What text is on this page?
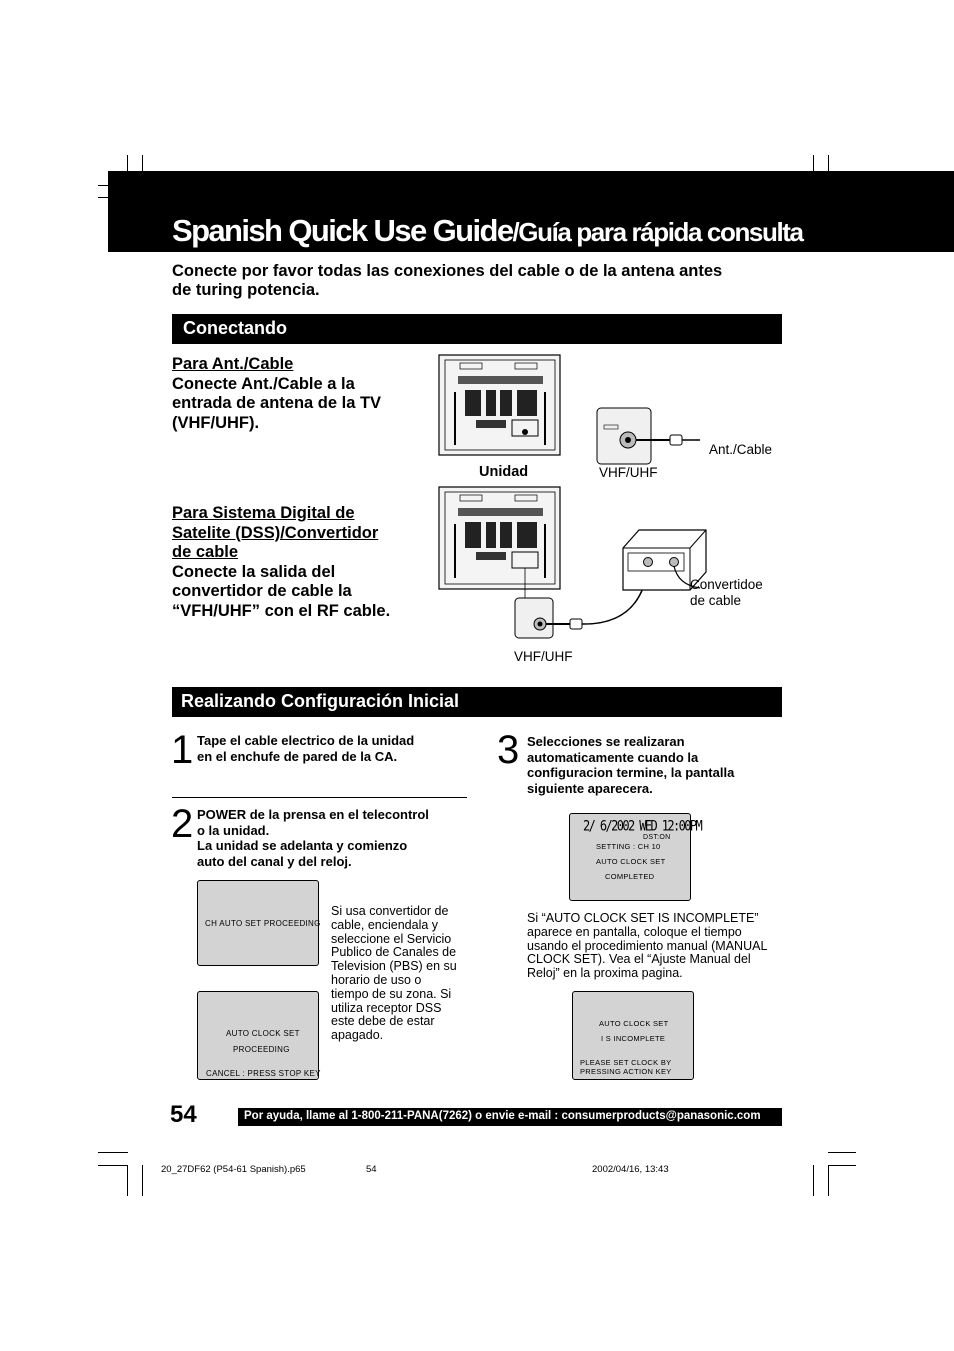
Spanish Quick Use Guide/Guía para rápida consulta
Conecte por favor todas las conexiones del cable o de la antena antes
de turing potencia.
Conectando
Para Ant./Cable
Conecte Ant./Cable a la
entrada de antena de la TV
(VHF/UHF).
Para Sistema Digital de
Satelite (DSS)/Convertidor
de cable
Conecte la salida del
convertidor de cable la
“VFH/UHF” con el RF cable.
Unidad	VHF/UHF
Ant./Cable
Convertidoe
de cable
VHF/UHF
Realizando Configuración Inicial
1 Tape el cable electrico de la unidad
en el enchufe de pared de la CA.
2 POWER de la prensa en el telecontrol
o la unidad.
La unidad se adelanta y comienzo
auto del canal y del reloj.
CH AUTO SET PROCEEDING
AUTO CLOCK SET
PROCEEDING
CANCEL : PRESS STOP KEY
Si usa convertidor de
cable, enciendala y
seleccione el Servicio
Publico de Canales de
Television (PBS) en su
horario de uso o
tiempo de su zona. Si
utiliza receptor DSS
este debe de estar
apagado.
3 Selecciones se realizaran
automaticamente cuando la
configuracion termine, la pantalla
siguiente aparecera.
2/ 6/2002 WED 12:00PM
DST:ON
SETTING : CH 10
AUTO CLOCK SET
COMPLETED
Si “AUTO CLOCK SET IS INCOMPLETE”
aparece en pantalla, coloque el tiempo
usando el procedimiento manual (MANUAL
CLOCK SET). Vea el “Ajuste Manual del
Reloj” en la proxima pagina.
AUTO CLOCK SET
I S INCOMPLETE
PLEASE SET CLOCK BY
PRESSING ACTION KEY
54	Por ayuda, llame al 1-800-211-PANA(7262) o envie e-mail : consumerproducts@panasonic.com
20_27DF62 (P54-61 Spanish).p65	54	2002/04/16, 13:43
